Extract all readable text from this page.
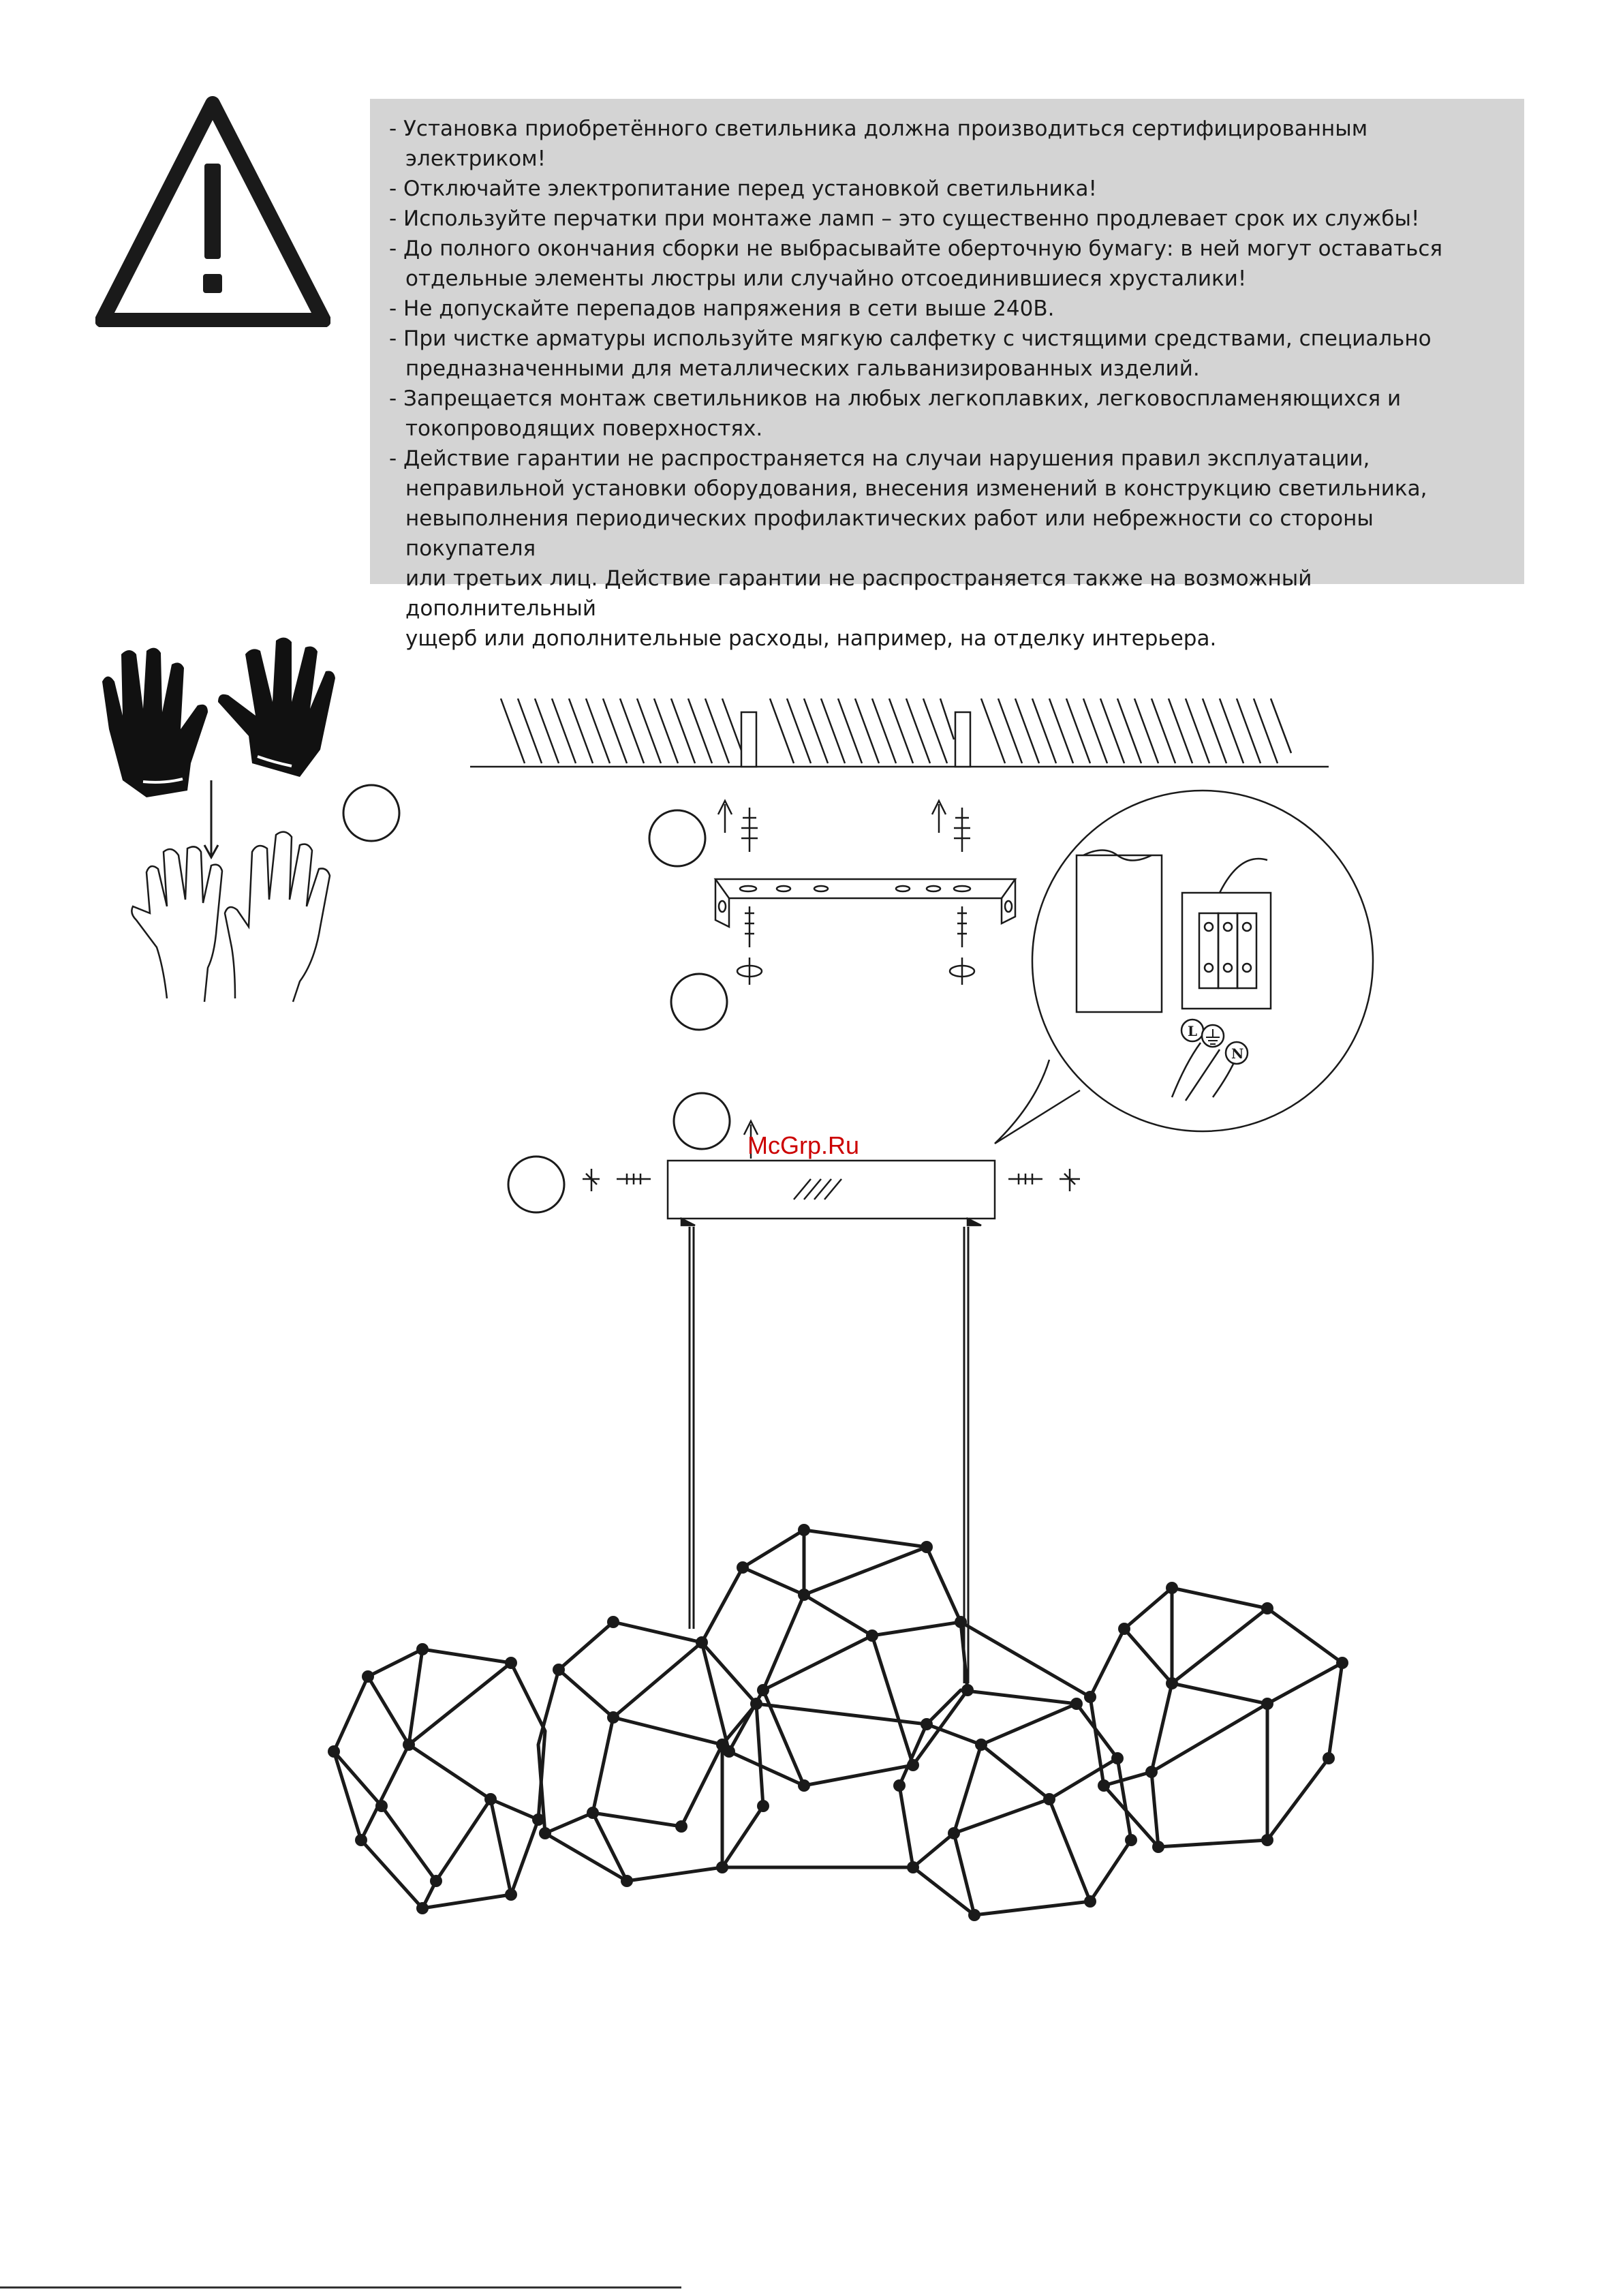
- Установка приобретённого светильника должна производиться сертифицированным электриком!
- Отключайте электропитание перед установкой светильника!
- Используйте перчатки при монтаже ламп – это существенно продлевает срок их службы!
- До полного окончания сборки не выбрасывайте оберточную бумагу: в ней могут оставаться
отдельные элементы люстры или случайно отсоединившиеся хрусталики!
- Не допускайте перепадов напряжения в сети выше 240В.
- При чистке арматуры используйте мягкую салфетку с чистящими средствами, специально
предназначенными для металлических гальванизированных изделий.
- Запрещается монтаж светильников на любых легкоплавких, легковоспламеняющихся и
токопроводящих поверхностях.
- Действие гарантии не распространяется на случаи нарушения правил эксплуатации,
неправильной установки оборудования, внесения изменений в конструкцию светильника,
невыполнения периодических профилактических работ или небрежности со стороны покупателя
или третьих лиц. Действие гарантии не распространяется также на возможный дополнительный
ущерб или дополнительные расходы, например, на отделку интерьера.
L
N
McGrp.Ru
